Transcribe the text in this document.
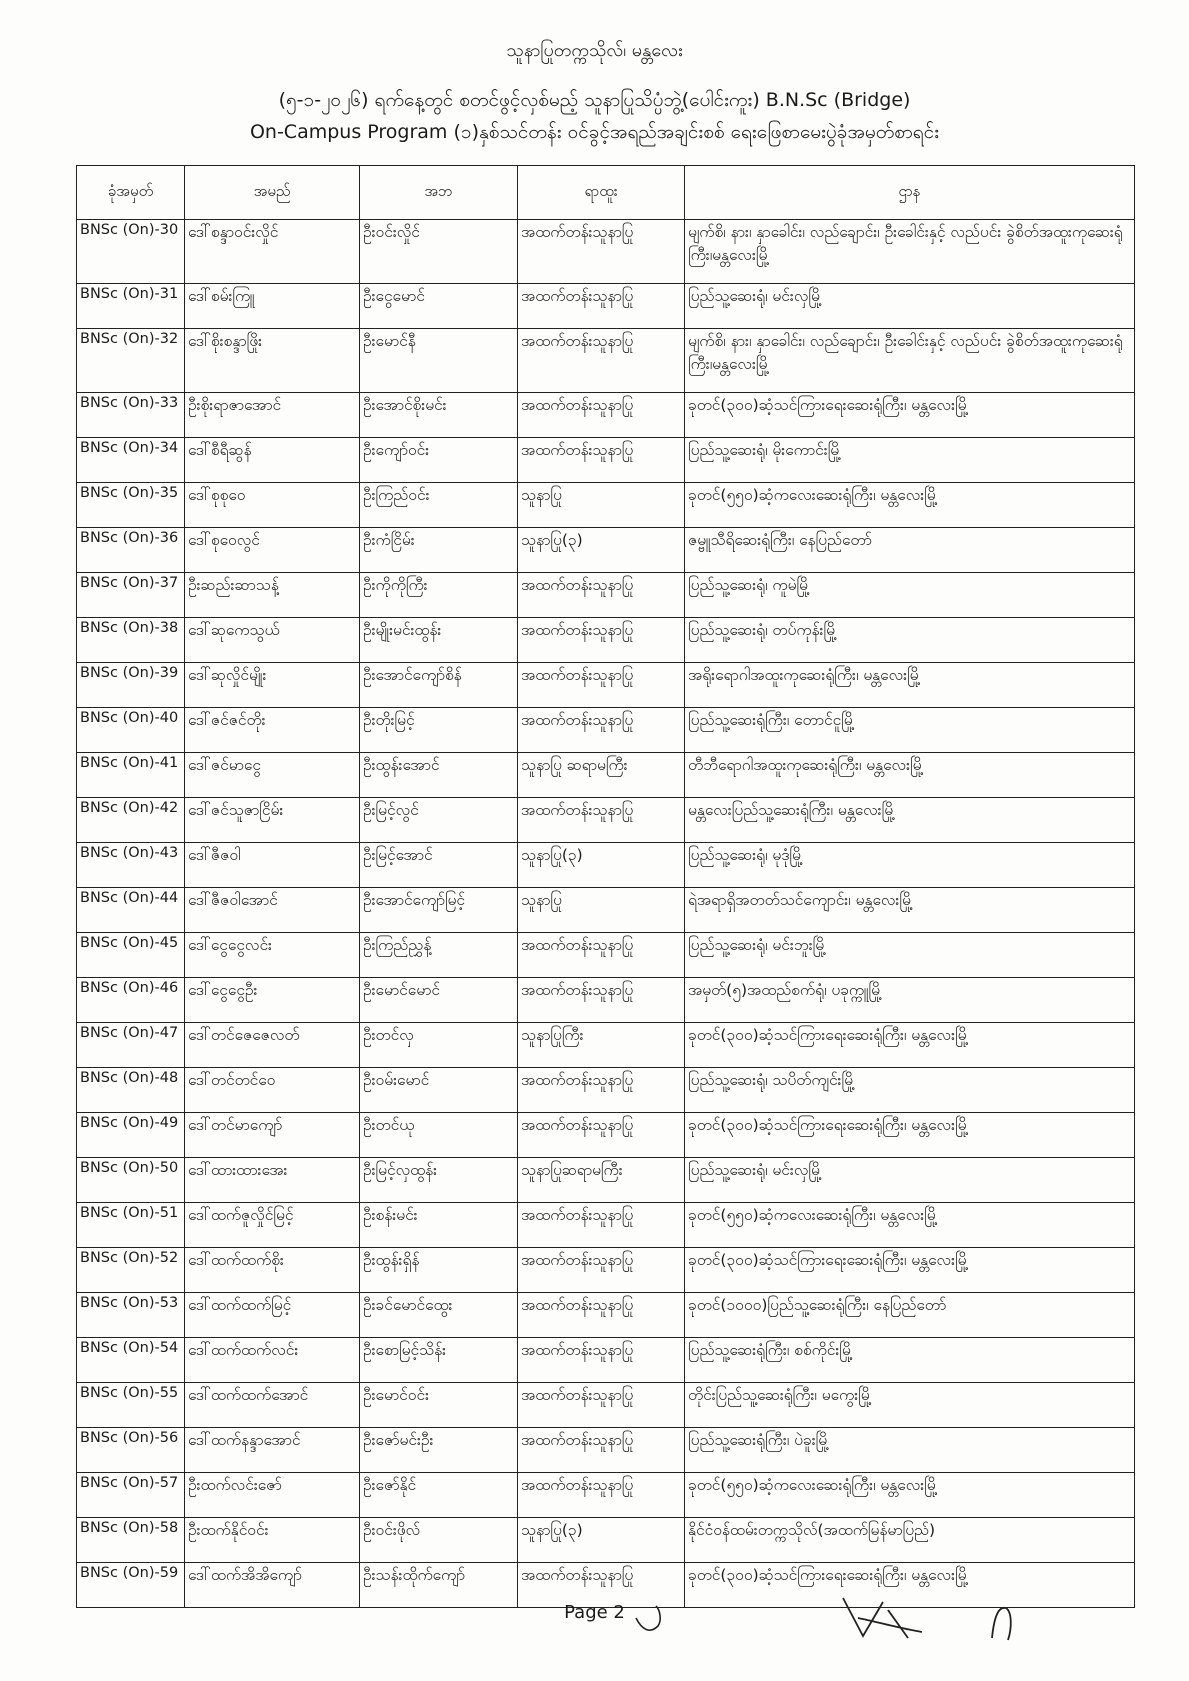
သူနာပြုတက္ကသိုလ်၊ မန္တလေး
(၅-၁-၂၀၂၆) ရက်နေ့တွင် စတင်ဖွင့်လှစ်မည့် သူနာပြုသိပ္ပံဘွဲ့(ပေါင်းကူး) B.N.Sc (Bridge)
On-Campus Program (၁)နှစ်သင်တန်း ဝင်ခွင့်အရည်အချင်းစစ် ရေးဖြေစာမေးပွဲခုံအမှတ်စာရင်း
ခုံအမှတ်	အမည်	အဘ	ရာထူး	ဌာန
BNSc (On)-30	ဒေါ်စန္ဒာဝင်းလှိုင်	ဦးဝင်းလှိုင်	အထက်တန်းသူနာပြု	မျက်စိ၊ နား၊ နှာခေါင်း၊ လည်ချောင်း၊ ဦးခေါင်းနှင့် လည်ပင်း ခွဲစိတ်အထူးကုဆေးရုံကြီး၊မန္တလေးမြို့
BNSc (On)-31	ဒေါ်စမ်းကြူ	ဦးငွေမောင်	အထက်တန်းသူနာပြု	ပြည်သူ့ဆေးရုံ၊ မင်းလှမြို့
BNSc (On)-32	ဒေါ်စိုးစန္ဒာဖြိုး	ဦးမောင်နီ	အထက်တန်းသူနာပြု	မျက်စိ၊ နား၊ နှာခေါင်း၊ လည်ချောင်း၊ ဦးခေါင်းနှင့် လည်ပင်း ခွဲစိတ်အထူးကုဆေးရုံကြီး၊မန္တလေးမြို့
BNSc (On)-33	ဦးစိုးရာဇာအောင်	ဦးအောင်စိုးမင်း	အထက်တန်းသူနာပြု	ခုတင်(၃၀၀)ဆံ့သင်ကြားရေးဆေးရုံကြီး၊ မန္တလေးမြို့
BNSc (On)-34	ဒေါ်စီရီဆွန်	ဦးကျော်ဝင်း	အထက်တန်းသူနာပြု	ပြည်သူ့ဆေးရုံ၊ မိုးကောင်းမြို့
BNSc (On)-35	ဒေါ်စုစုဝေ	ဦးကြည်ဝင်း	သူနာပြု	ခုတင်(၅၅၀)ဆံ့ကလေးဆေးရုံကြီး၊ မန္တလေးမြို့
BNSc (On)-36	ဒေါ်စုဝေလွင်	ဦးကံငြိမ်း	သူနာပြု(၃)	ဇမ္ဗူသီရိဆေးရုံကြီး၊ နေပြည်တော်
BNSc (On)-37	ဦးဆည်းဆာသန့်	ဦးကိုကိုကြီး	အထက်တန်းသူနာပြု	ပြည်သူ့ဆေးရုံ၊ ကူမဲမြို့
BNSc (On)-38	ဒေါ်ဆုကေသွယ်	ဦးမျိုးမင်းထွန်း	အထက်တန်းသူနာပြု	ပြည်သူ့ဆေးရုံ၊ တပ်ကုန်းမြို့
BNSc (On)-39	ဒေါ်ဆုလှိုင်မျိုး	ဦးအောင်ကျော်စိန်	အထက်တန်းသူနာပြု	အရိုးရောဂါအထူးကုဆေးရုံကြီး၊ မန္တလေးမြို့
BNSc (On)-40	ဒေါ်ဇင်ဇင်တိုး	ဦးတိုးမြင့်	အထက်တန်းသူနာပြု	ပြည်သူ့ဆေးရုံကြီး၊ တောင်ငူမြို့
BNSc (On)-41	ဒေါ်ဇင်မာငွေ	ဦးထွန်းအောင်	သူနာပြု ဆရာမကြီး	တီဘီရောဂါအထူးကုဆေးရုံကြီး၊ မန္တလေးမြို့
BNSc (On)-42	ဒေါ်ဇင်သူဇာငြိမ်း	ဦးမြင့်လွင်	အထက်တန်းသူနာပြု	မန္တလေးပြည်သူ့ဆေးရုံကြီး၊ မန္တလေးမြို့
BNSc (On)-43	ဒေါ်ဇီဇဝါ	ဦးမြင့်အောင်	သူနာပြု(၃)	ပြည်သူ့ဆေးရုံ၊ မုဒုံမြို့
BNSc (On)-44	ဒေါ်ဇီဇဝါအောင်	ဦးအောင်ကျော်မြင့်	သူနာပြု	ရဲအရာရှိအတတ်သင်ကျောင်း၊ မန္တလေးမြို့
BNSc (On)-45	ဒေါ်ငွေငွေလင်း	ဦးကြည်ညွှန့်	အထက်တန်းသူနာပြု	ပြည်သူ့ဆေးရုံ၊ မင်းဘူးမြို့
BNSc (On)-46	ဒေါ်ငွေငွေဦး	ဦးမောင်မောင်	အထက်တန်းသူနာပြု	အမှတ်(၅)အထည်စက်ရုံ၊ ပခုက္ကူမြို့
BNSc (On)-47	ဒေါ်တင်ဇေဇေလတ်	ဦးတင်လှ	သူနာပြုကြီး	ခုတင်(၃၀၀)ဆံ့သင်ကြားရေးဆေးရုံကြီး၊ မန္တလေးမြို့
BNSc (On)-48	ဒေါ်တင်တင်ဝေ	ဦးဝမ်းမောင်	အထက်တန်းသူနာပြု	ပြည်သူ့ဆေးရုံ၊ သပိတ်ကျင်းမြို့
BNSc (On)-49	ဒေါ်တင်မာကျော်	ဦးတင်ယု	အထက်တန်းသူနာပြု	ခုတင်(၃၀၀)ဆံ့သင်ကြားရေးဆေးရုံကြီး၊ မန္တလေးမြို့
BNSc (On)-50	ဒေါ်ထားထားအေး	ဦးမြင့်လှထွန်း	သူနာပြုဆရာမကြီး	ပြည်သူ့ဆေးရုံ၊ မင်းလှမြို့
BNSc (On)-51	ဒေါ်ထက်ဇူလှိုင်မြင့်	ဦးစန်းမင်း	အထက်တန်းသူနာပြု	ခုတင်(၅၅၀)ဆံ့ကလေးဆေးရုံကြီး၊ မန္တလေးမြို့
BNSc (On)-52	ဒေါ်ထက်ထက်စိုး	ဦးထွန်းရှိန်	အထက်တန်းသူနာပြု	ခုတင်(၃၀၀)ဆံ့သင်ကြားရေးဆေးရုံကြီး၊ မန္တလေးမြို့
BNSc (On)-53	ဒေါ်ထက်ထက်မြင့်	ဦးခင်မောင်ထွေး	အထက်တန်းသူနာပြု	ခုတင်(၁၀၀၀)ပြည်သူ့ဆေးရုံကြီး၊ နေပြည်တော်
BNSc (On)-54	ဒေါ်ထက်ထက်လင်း	ဦးစောမြင့်သိန်း	အထက်တန်းသူနာပြု	ပြည်သူ့ဆေးရုံကြီး၊ စစ်ကိုင်းမြို့
BNSc (On)-55	ဒေါ်ထက်ထက်အောင်	ဦးမောင်ဝင်း	အထက်တန်းသူနာပြု	တိုင်းပြည်သူ့ဆေးရုံကြီး၊ မကွေးမြို့
BNSc (On)-56	ဒေါ်ထက်နန္ဒာအောင်	ဦးဇော်မင်းဦး	အထက်တန်းသူနာပြု	ပြည်သူ့ဆေးရုံကြီး၊ ပဲခူးမြို့
BNSc (On)-57	ဦးထက်လင်းဇော်	ဦးဇော်နိုင်	အထက်တန်းသူနာပြု	ခုတင်(၅၅၀)ဆံ့ကလေးဆေးရုံကြီး၊ မန္တလေးမြို့
BNSc (On)-58	ဦးထက်နိုင်ဝင်း	ဦးဝင်းဖိုလ်	သူနာပြု(၃)	နိုင်ငံဝန်ထမ်းတက္ကသိုလ်(အထက်မြန်မာပြည်)
BNSc (On)-59	ဒေါ်ထက်အိအိကျော်	ဦးသန်းထိုက်ကျော်	အထက်တန်းသူနာပြု	ခုတင်(၃၀၀)ဆံ့သင်ကြားရေးဆေးရုံကြီး၊ မန္တလေးမြို့
Page 2
